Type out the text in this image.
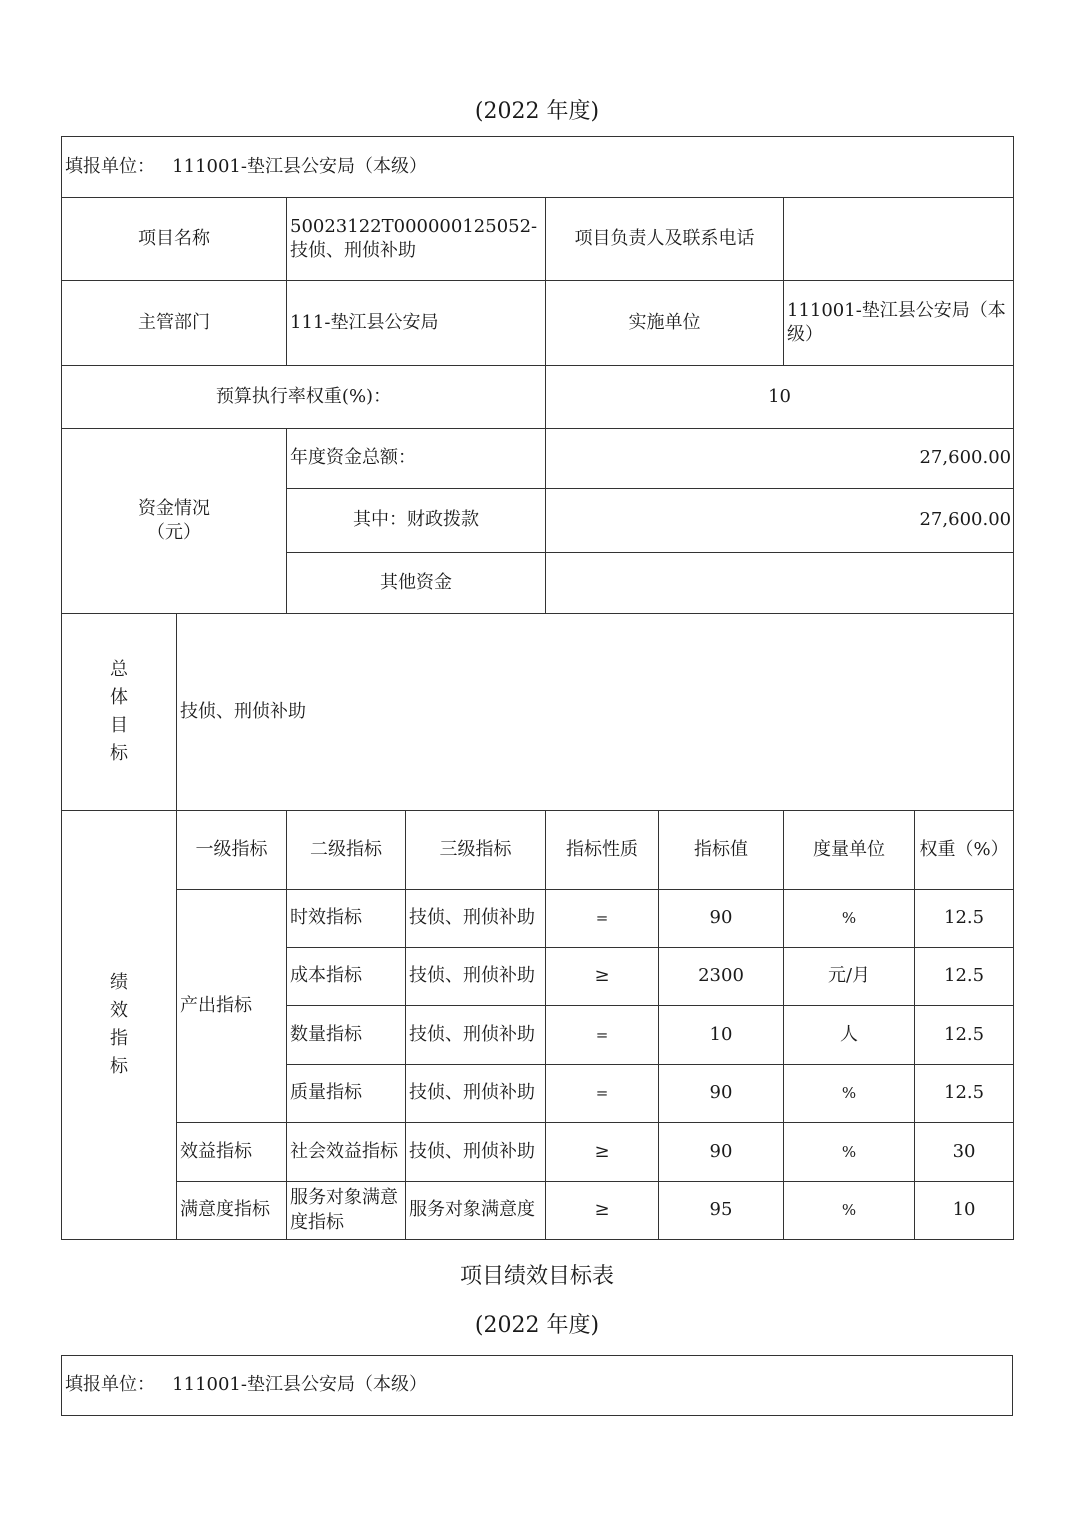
(2022 年度)
填报单位： 111001-垫江县公安局（本级）							
项目名称		50023122T000000125052-技侦、刑侦补助		项目负责人及联系电话			
主管部门		111-垫江县公安局		实施单位		111001-垫江县公安局（本级）	
预算执行率权重(%)：				10			

资金情况
（元）		年度资金总额：		27,600.00			
		其中：财政拨款		27,600.00			
		其他资金					

总
体
目
标	技侦、刑侦补助						

绩
效
指
标	一级指标	二级指标	三级指标	指标性质	指标值	度量单位	权重（%）
	产出指标	时效指标	技侦、刑侦补助	=	90	%	12.5
		成本指标	技侦、刑侦补助	≥	2300	元/月	12.5
		数量指标	技侦、刑侦补助	=	10	人	12.5
		质量指标	技侦、刑侦补助	=	90	%	12.5
	效益指标	社会效益指标	技侦、刑侦补助	≥	90	%	30
	满意度指标	服务对象满意度指标	服务对象满意度	≥	95	%	10
项目绩效目标表
(2022 年度)
填报单位： 111001-垫江县公安局（本级）
